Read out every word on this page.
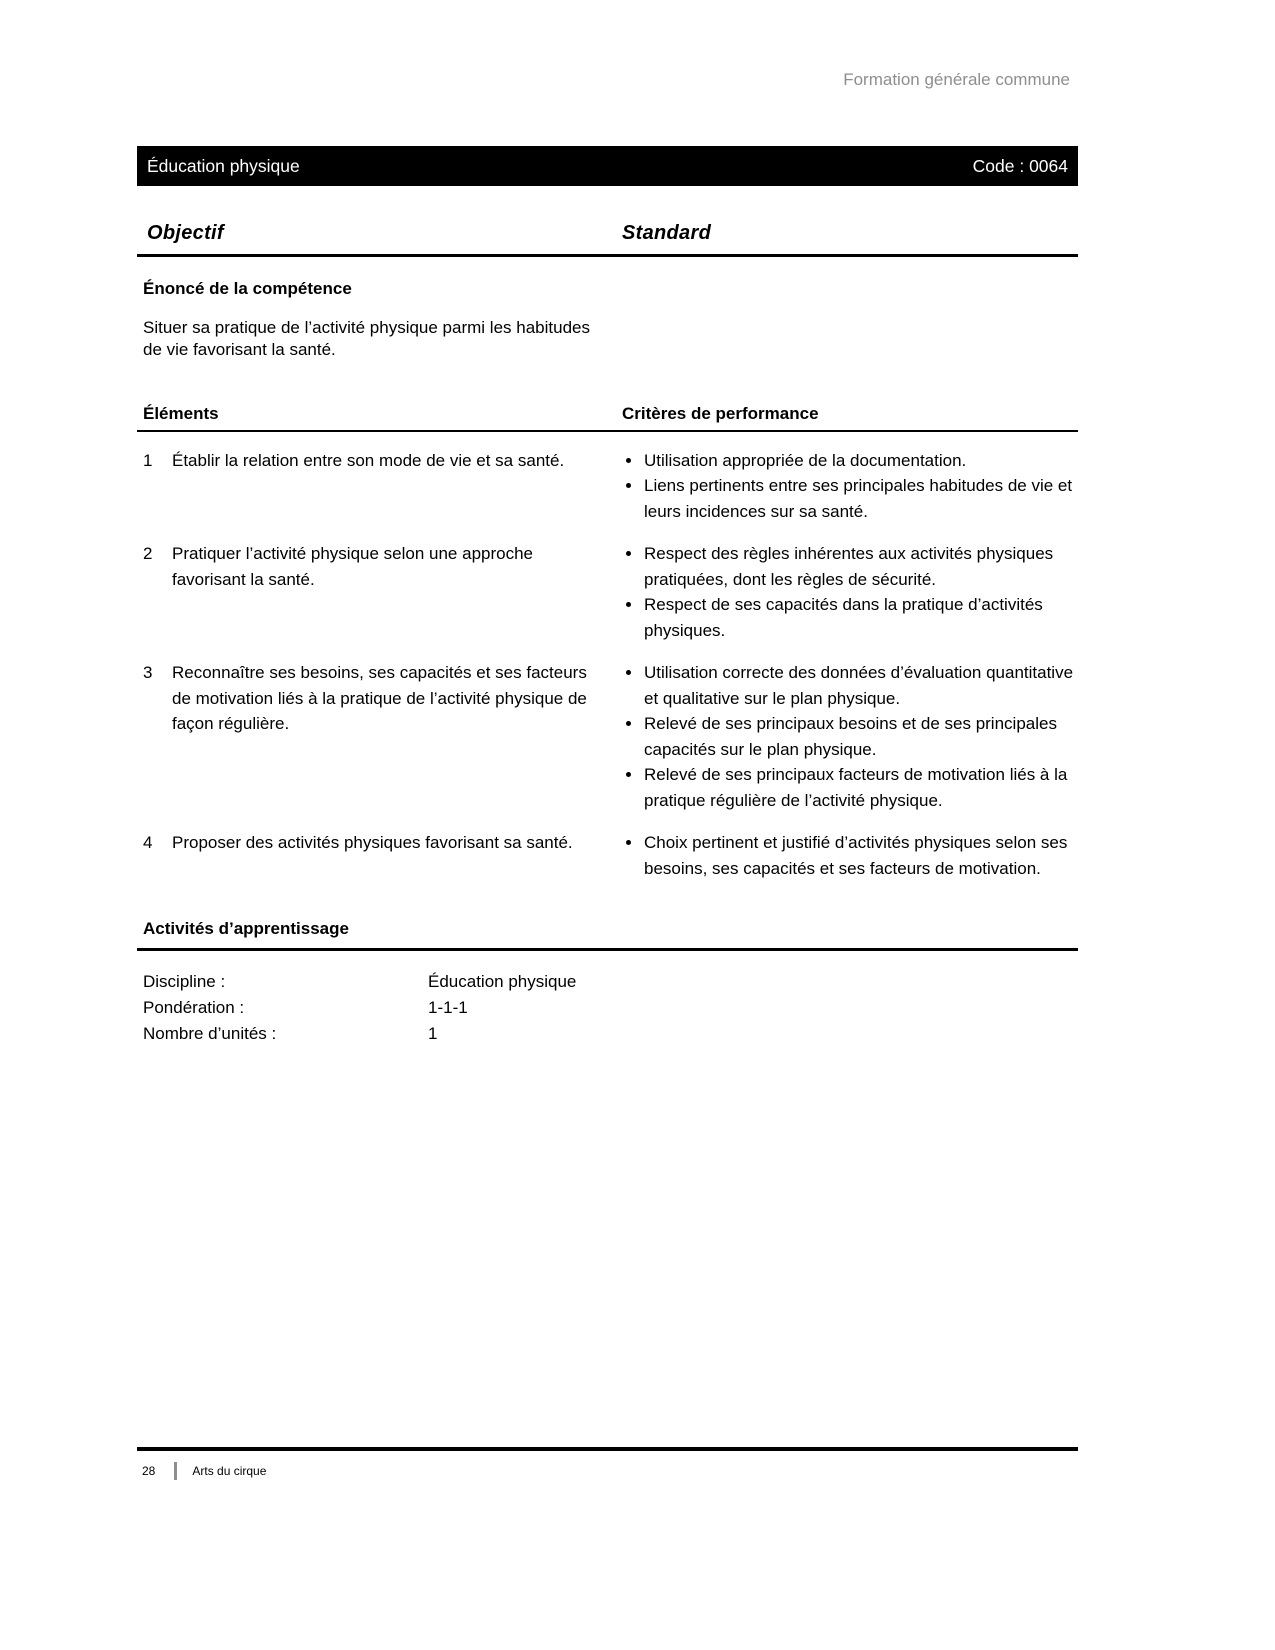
Formation générale commune
Éducation physique	Code : 0064
Objectif	Standard
Énoncé de la compétence

Situer sa pratique de l’activité physique parmi les habitudes de vie favorisant la santé.

Éléments	Critères de performance
1	Établir la relation entre son mode de vie et sa santé.	• Utilisation appropriée de la documentation.
• Liens pertinents entre ses principales habitudes de vie et leurs incidences sur sa santé.
2	Pratiquer l’activité physique selon une approche favorisant la santé.
• Respect des règles inhérentes aux activités physiques pratiquées, dont les règles de sécurité.
• Respect de ses capacités dans la pratique d’activités physiques.
3	Reconnaître ses besoins, ses capacités et ses facteurs de motivation liés à la pratique de l’activité physique de façon régulière.
• Utilisation correcte des données d’évaluation quantitative et qualitative sur le plan physique.
• Relevé de ses principaux besoins et de ses principales capacités sur le plan physique.
• Relevé de ses principaux facteurs de motivation liés à la pratique régulière de l’activité physique.
4	Proposer des activités physiques favorisant sa santé.	• Choix pertinent et justifié d’activités physiques selon ses besoins, ses capacités et ses facteurs de motivation.
Activités d’apprentissage
Discipline :	Éducation physique
Pondération :	1-1-1
Nombre d’unités :	1
28	Arts du cirque
